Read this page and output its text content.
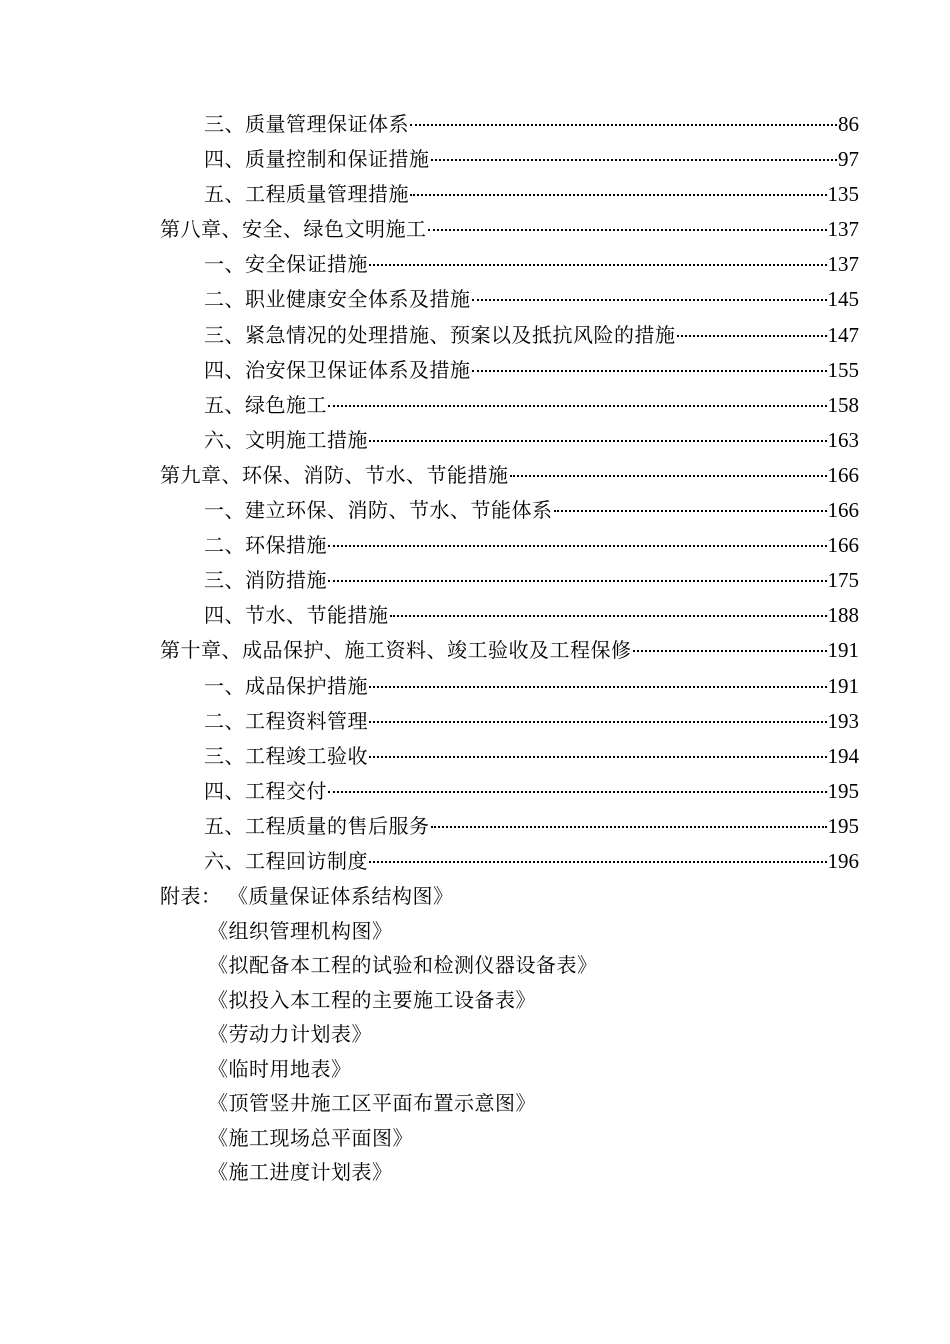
三、质量管理保证体系	86
四、质量控制和保证措施	97
五、工程质量管理措施	135
第八章、安全、绿色文明施工	137
一、安全保证措施	137
二、职业健康安全体系及措施	145
三、紧急情况的处理措施、预案以及抵抗风险的措施	147
四、治安保卫保证体系及措施	155
五、绿色施工	158
六、文明施工措施	163
第九章、环保、消防、节水、节能措施	166
一、建立环保、消防、节水、节能体系	166
二、环保措施	166
三、消防措施	175
四、节水、节能措施	188
第十章、成品保护、施工资料、竣工验收及工程保修	191
一、成品保护措施	191
二、工程资料管理	193
三、工程竣工验收	194
四、工程交付	195
五、工程质量的售后服务	195
六、工程回访制度	196
附表： 《质量保证体系结构图》
《组织管理机构图》
《拟配备本工程的试验和检测仪器设备表》
《拟投入本工程的主要施工设备表》
《劳动力计划表》
《临时用地表》
《顶管竖井施工区平面布置示意图》
《施工现场总平面图》
《施工进度计划表》
